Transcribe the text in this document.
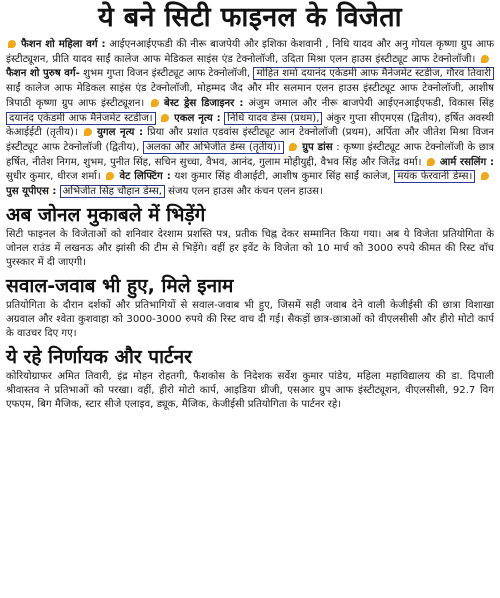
ये बने सिटी फाइनल के विजेता
फैशन शो महिला वर्ग : आईएनआईएफडी की नीरू बाजपेयी और इशिका केशवानी , निधि यादव और अनु गोयल कृष्णा ग्रुप आफ इंस्टीट्यूशन, प्रीति यादव साईं कालेज आफ मेडिकल साइंस एंड टेक्नोलॉजी, उदिता मिश्रा एलन हाउस इंस्टीट्यूट आफ टेक्नोलॉजी। फैशन शो पुरुष वर्ग- शुभम गुप्ता विजन इंस्टीट्यूट आफ टेक्नोलॉजी, मोहित शर्मा दयानंद एकेडमी आफ मैनेजमेंट स्टडीज, गौरव तिवारी साईं कालेज आफ मेडिकल साइंस एंड टेक्नोलॉजी, मोहम्मद जैद और मीर सलमान एलन हाउस इंस्टीट्यूट आफ टेक्नोलॉजी, आशीष त्रिपाठी कृष्णा ग्रुप आफ इंस्टीट्यूशन। बेस्ट ड्रेस डिजाइनर : अंजुम जमाल और नीरू बाजपेयी आईएनआईएफडी, विकास सिंह दयानंद एकेडमी आफ मैनेजमेंट स्टडीज। एकल नृत्य : निधि यादव डेम्स (प्रथम), अंकुर गुप्ता सीएमएस (द्वितीय), हर्षित अवस्थी केआईईटी (तृतीय)। युगल नृत्य : प्रिया और प्रशांत एडवांस इंस्टीट्यूट आन टेक्नोलॉजी (प्रथम), अर्पिता और जीतेश मिश्रा विजन इंस्टीट्यूट आफ टेक्नोलॉजी (द्वितीय), अलका और अभिजीत डेम्स (तृतीय)। ग्रुप डांस : कृष्णा इंस्टीट्यूट आफ टेक्नोलॉजी के छात्र हर्षित, नीतेश निगम, शुभम, पुनीत सिंह, सचिन सुच्चा, वैभव, आनंद, गुलाम मोहीयुद्दी, वैभव सिंह और जितेंद्र वर्मा। आर्म रसलिंग : सुधीर कुमार, धीरज शर्मा। वेट लिफ्टिंग : यश कुमार सिंह वीआईटी, आशीष कुमार सिंह साईं कालेज, मयंक फेरवानी डेम्स। पुस यूपीएस : अभिजीत सिंह चौहान डेम्स, संजय एलन हाउस और कंचन एलन हाउस।
अब जोनल मुकाबले में भिड़ेंगे

सिटी फाइनल के विजेताओं को शनिवार देरशाम प्रशस्ति पत्र, प्रतीक चिह्न देकर सम्मानित किया गया। अब ये विजेता प्रतियोगिता के जोनल राउंड में लखनऊ और झांसी की टीम से भिड़ेंगे। वहीं हर इवेंट के विजेता को 10 मार्च को 3000 रुपये कीमत की रिस्ट वॉच पुरस्कार में दी जाएगी।

सवाल-जवाब भी हुए, मिले इनाम

प्रतियोगिता के दौरान दर्शकों और प्रतिभागियों से सवाल-जवाब भी हुए, जिसमें सही जवाब देने वाली केजीईसी की छात्रा विशाखा अग्रवाल और श्वेता कुशवाहा को 3000-3000 रुपये की रिस्ट वाच दी गई। सैकड़ों छात्र-छात्राओं को वीएलसीसी और हीरो मोटो कार्प के वाउचर दिए गए।

ये रहे निर्णायक और पार्टनर

कोरियोग्राफर अमित तिवारी, इंद्र मोहन रोहतगी, फैशकोस के निदेशक सर्वेश कुमार पांडेय, महिला महाविद्यालय की डा. दिपाली श्रीवास्तव ने प्रतिभाओं को परखा। वहीं, हीरो मोटो कार्प, आइडिया थ्रीजी, एसआर ग्रुप आफ इंस्टीट्यूशन, वीएलसीसी, 92.7 विग एफएम, बिग मैजिक, स्टार सीजे एलाइव, ड्यूक, मैजिक, केजीईसी प्रतियोगिता के पार्टनर रहे।
